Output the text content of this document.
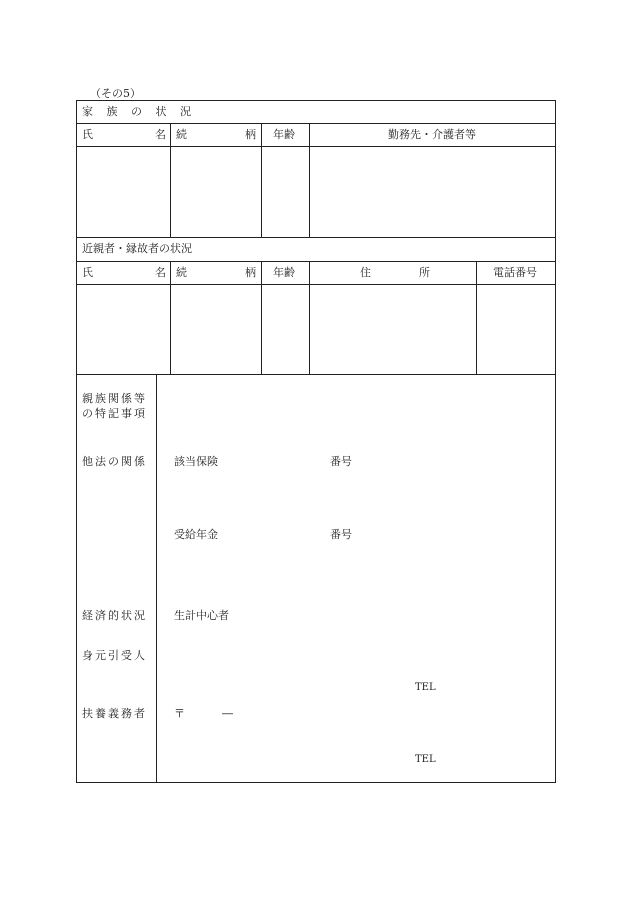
（その5）
家 族 の 状 況
氏	名 続	柄 年齢	勤務先・介護者等
近親者・縁故者の状況
氏	名 続	柄 年齢	住	所	電話番号
親族関係等
の特記事項
他法の関係 該当保険	番号
受給年金	番号
経済的状況 生計中心者
身元引受人
TEL
扶養義務者 〒	―
TEL
